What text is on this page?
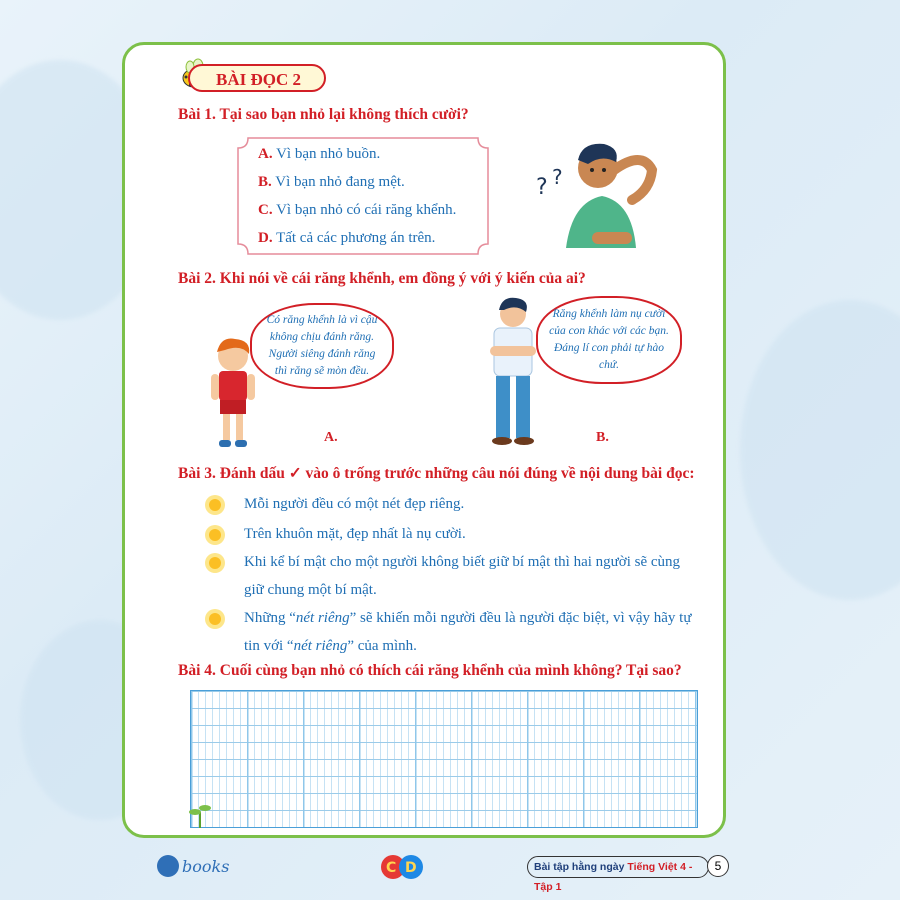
BÀI ĐỌC 2
Bài 1. Tại sao bạn nhỏ lại không thích cười?
A. Vì bạn nhỏ buồn.
B. Vì bạn nhỏ đang mệt.
C. Vì bạn nhỏ có cái răng khểnh.
D. Tất cả các phương án trên.
? ?
Bài 2. Khi nói về cái răng khểnh, em đồng ý với ý kiến của ai?
Có răng khểnh là vì cậu không chịu đánh răng. Người siêng đánh răng thì răng sẽ mòn đều.
Răng khểnh làm nụ cười của con khác với các bạn. Đáng lí con phải tự hào chứ.
A.	B.
Bài 3. Đánh dấu ✓ vào ô trống trước những câu nói đúng về nội dung bài đọc:
Mỗi người đều có một nét đẹp riêng.
Trên khuôn mặt, đẹp nhất là nụ cười.
Khi kể bí mật cho một người không biết giữ bí mật thì hai người sẽ cùng giữ chung một bí mật.
Những “nét riêng” sẽ khiến mỗi người đều là người đặc biệt, vì vậy hãy tự tin với “nét riêng” của mình.
Bài 4. Cuối cùng bạn nhỏ có thích cái răng khểnh của mình không? Tại sao?
books	C D	Bài tập hằng ngày Tiếng Việt 4 - Tập 1
5
